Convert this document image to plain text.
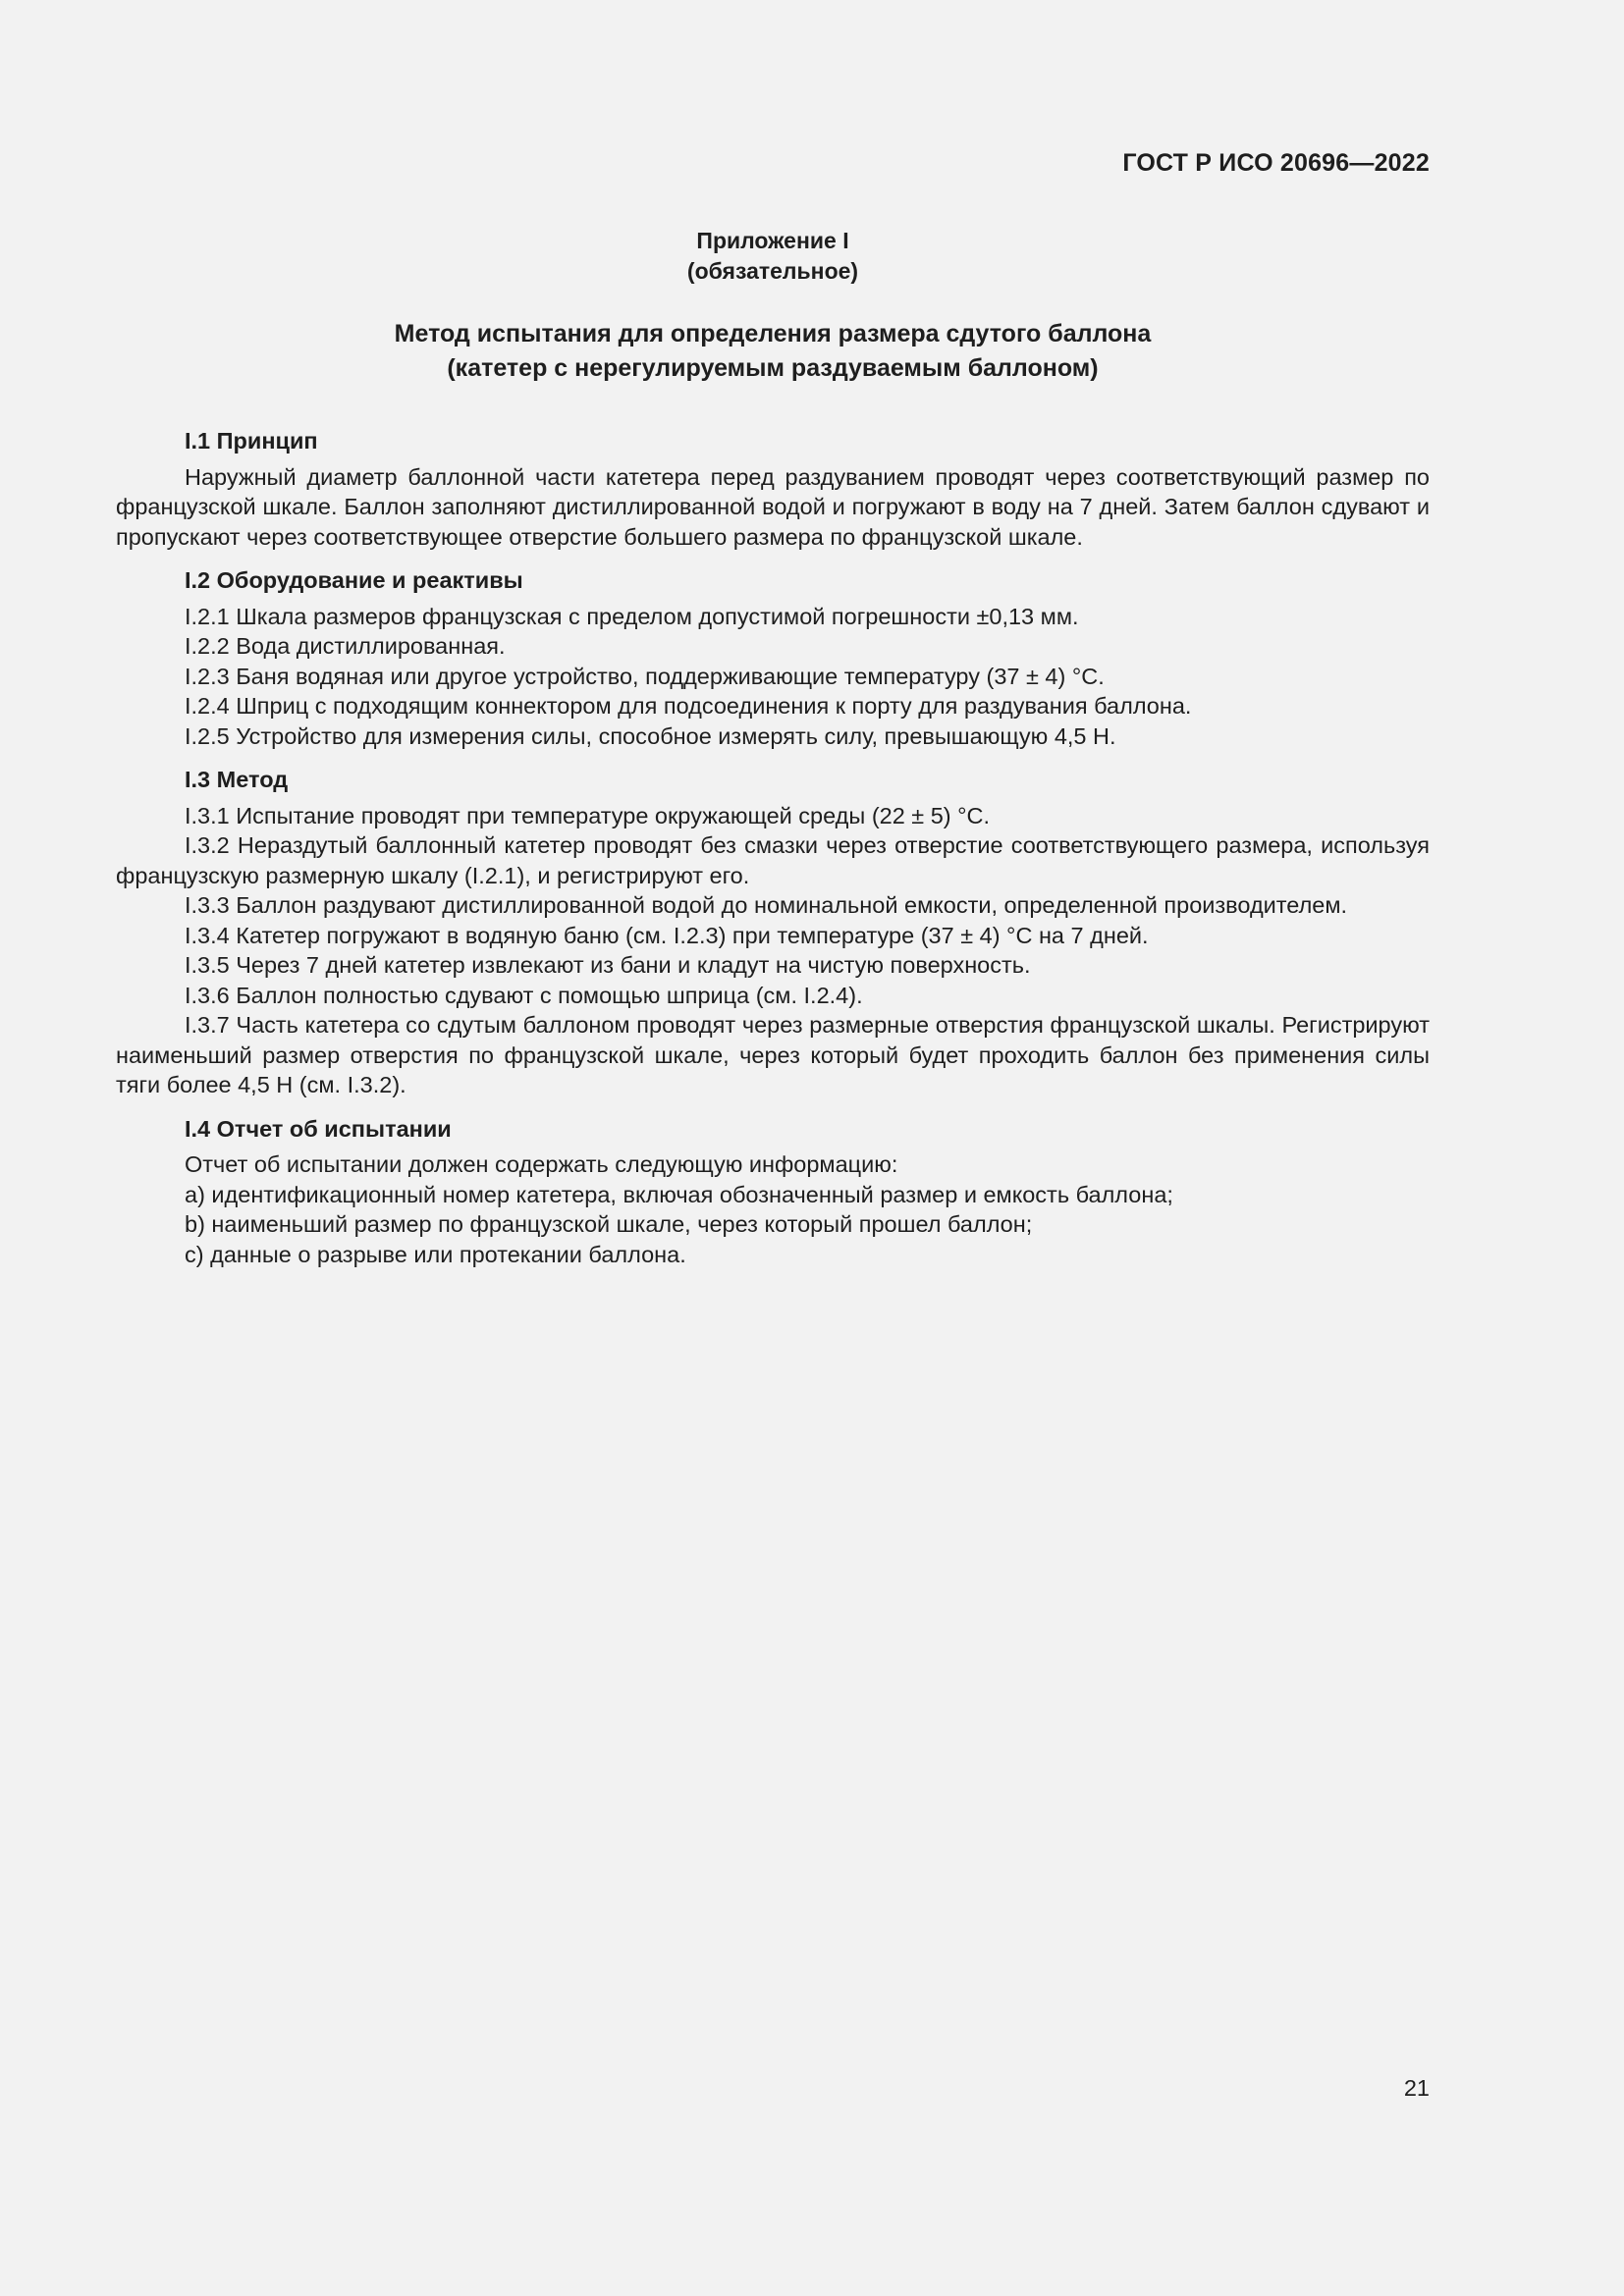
ГОСТ Р ИСО 20696—2022
Приложение I
(обязательное)
Метод испытания для определения размера сдутого баллона
(катетер с нерегулируемым раздуваемым баллоном)

I.1 Принцип

Наружный диаметр баллонной части катетера перед раздуванием проводят через соответствующий размер по французской шкале. Баллон заполняют дистиллированной водой и погружают в воду на 7 дней. Затем баллон сдувают и пропускают через соответствующее отверстие большего размера по французской шкале.

I.2 Оборудование и реактивы

I.2.1 Шкала размеров французская с пределом допустимой погрешности ±0,13 мм.

I.2.2 Вода дистиллированная.

I.2.3 Баня водяная или другое устройство, поддерживающие температуру (37 ± 4) °С.

I.2.4 Шприц с подходящим коннектором для подсоединения к порту для раздувания баллона.

I.2.5 Устройство для измерения силы, способное измерять силу, превышающую 4,5 Н.

I.3 Метод

I.3.1 Испытание проводят при температуре окружающей среды (22 ± 5) °С.

I.3.2 Нераздутый баллонный катетер проводят без смазки через отверстие соответствующего размера, используя французскую размерную шкалу (I.2.1), и регистрируют его.

I.3.3 Баллон раздувают дистиллированной водой до номинальной емкости, определенной производителем.

I.3.4 Катетер погружают в водяную баню (см. I.2.3) при температуре (37 ± 4) °С на 7 дней.

I.3.5 Через 7 дней катетер извлекают из бани и кладут на чистую поверхность.

I.3.6 Баллон полностью сдувают с помощью шприца (см. I.2.4).

I.3.7 Часть катетера со сдутым баллоном проводят через размерные отверстия французской шкалы. Регистрируют наименьший размер отверстия по французской шкале, через который будет проходить баллон без применения силы тяги более 4,5 Н (см. I.3.2).

I.4 Отчет об испытании

Отчет об испытании должен содержать следующую информацию:

а) идентификационный номер катетера, включая обозначенный размер и емкость баллона;

b) наименьший размер по французской шкале, через который прошел баллон;

с) данные о разрыве или протекании баллона.

21
